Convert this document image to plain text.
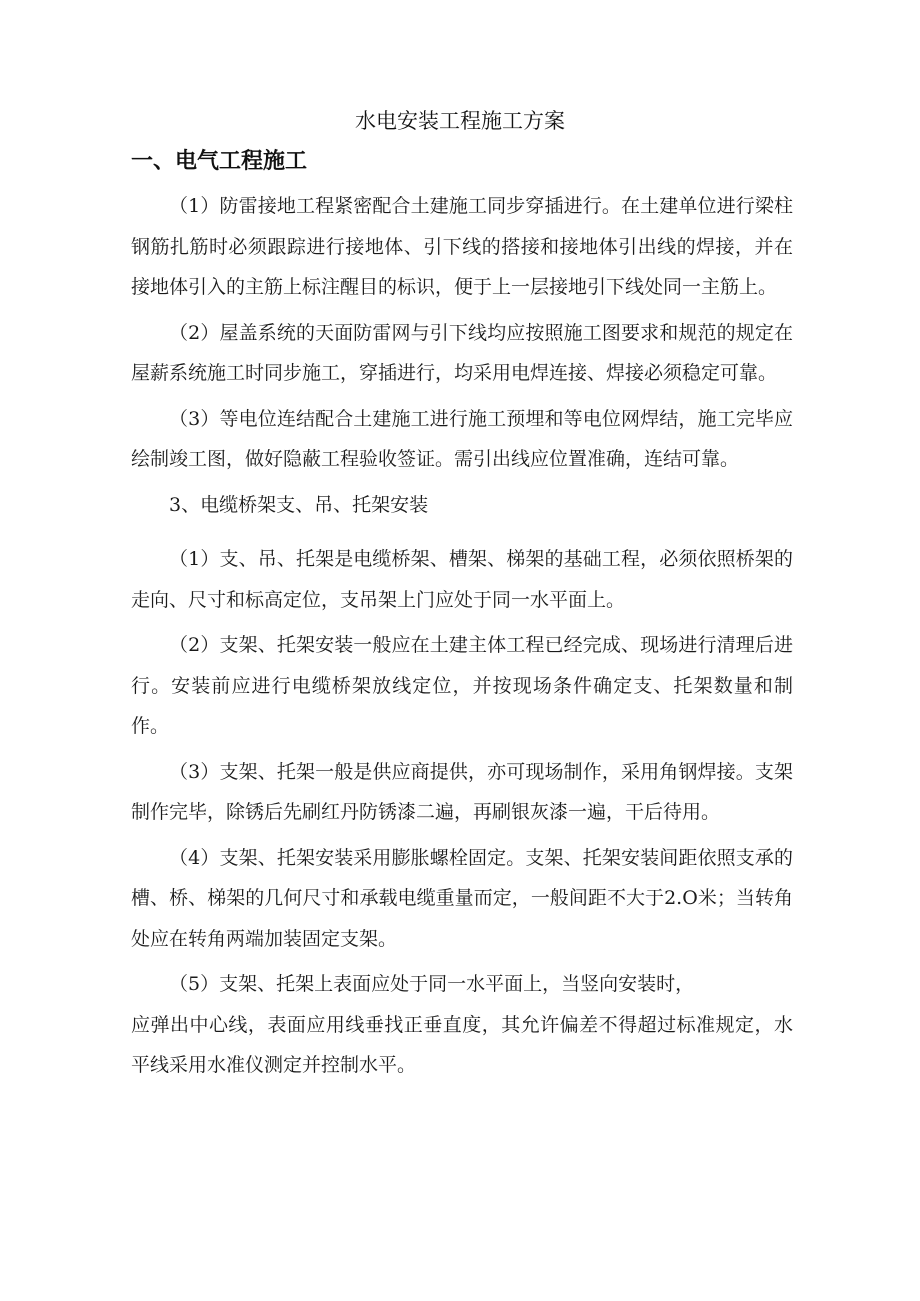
水电安装工程施工方案
一、电气工程施工

（1）防雷接地工程紧密配合土建施工同步穿插进行。在土建单位进行梁柱钢筋扎筋时必须跟踪进行接地体、引下线的搭接和接地体引出线的焊接，并在接地体引入的主筋上标注醒目的标识，便于上一层接地引下线处同一主筋上。

（2）屋盖系统的天面防雷网与引下线均应按照施工图要求和规范的规定在屋薪系统施工时同步施工，穿插进行，均采用电焊连接、焊接必须稳定可靠。

（3）等电位连结配合土建施工进行施工预埋和等电位网焊结，施工完毕应绘制竣工图，做好隐蔽工程验收签证。需引出线应位置准确，连结可靠。

3、电缆桥架支、吊、托架安装

（1）支、吊、托架是电缆桥架、槽架、梯架的基础工程，必须依照桥架的走向、尺寸和标高定位，支吊架上门应处于同一水平面上。

（2）支架、托架安装一般应在土建主体工程已经完成、现场进行清理后进行。安装前应进行电缆桥架放线定位，并按现场条件确定支、托架数量和制作。

（3）支架、托架一般是供应商提供，亦可现场制作，采用角钢焊接。支架制作完毕，除锈后先刷红丹防锈漆二遍，再刷银灰漆一遍，干后待用。

（4）支架、托架安装采用膨胀螺栓固定。支架、托架安装间距依照支承的槽、桥、梯架的几何尺寸和承载电缆重量而定，一般间距不大于2.O米；当转角处应在转角两端加装固定支架。

（5）支架、托架上表面应处于同一水平面上，当竖向安装时，
应弹出中心线，表面应用线垂找正垂直度，其允许偏差不得超过标准规定，水平线采用水准仪测定并控制水平。
